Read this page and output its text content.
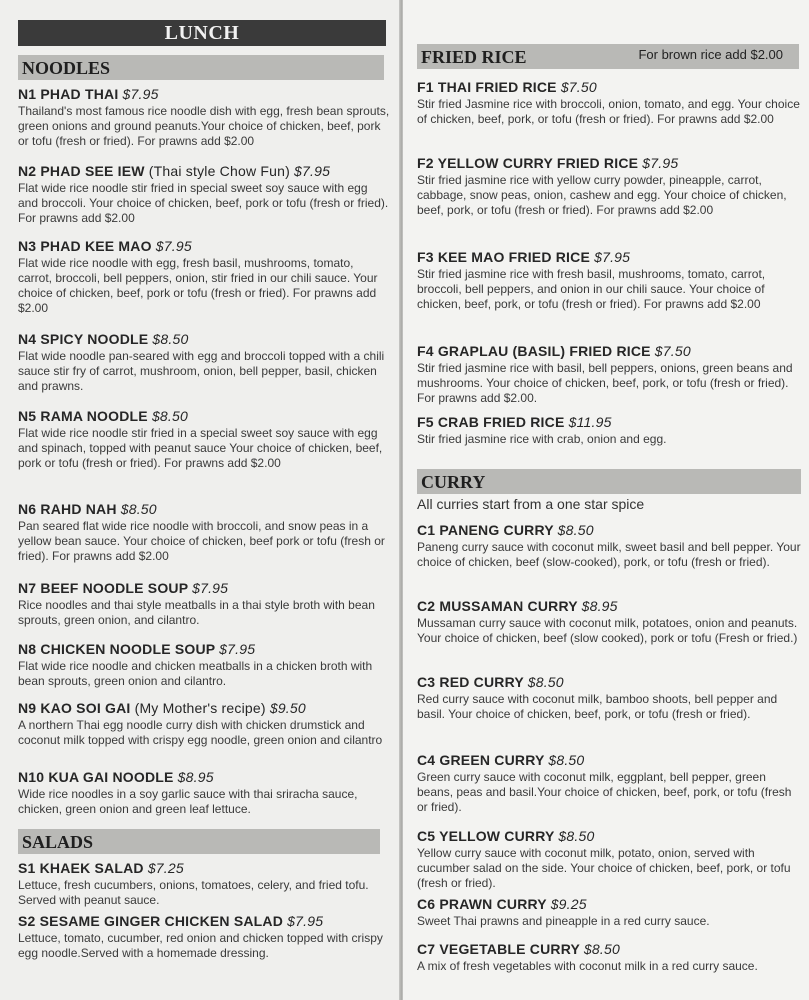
LUNCH
NOODLES
N1 PHAD THAI $7.95
Thailand's most famous rice noodle dish with egg, fresh bean sprouts, green onions and ground peanuts.Your choice of chicken, beef, pork or tofu (fresh or fried). For prawns add $2.00
N2 PHAD SEE IEW (Thai style Chow Fun) $7.95
Flat wide rice noodle stir fried in special sweet soy sauce with egg and broccoli. Your choice of chicken, beef, pork or tofu (fresh or fried). For prawns add $2.00
N3 PHAD KEE MAO $7.95
Flat wide rice noodle with egg, fresh basil, mushrooms, tomato, carrot, broccoli, bell peppers, onion, stir fried in our chili sauce. Your choice of chicken, beef, pork or tofu (fresh or fried). For prawns add $2.00
N4 SPICY NOODLE $8.50
Flat wide noodle pan-seared with egg and broccoli topped with a chili sauce stir fry of carrot, mushroom, onion, bell pepper, basil, chicken and prawns.
N5 RAMA NOODLE $8.50
Flat wide rice noodle stir fried in a special sweet soy sauce with egg and spinach, topped with peanut sauce Your choice of chicken, beef, pork or tofu (fresh or fried). For prawns add $2.00
N6 RAHD NAH $8.50
Pan seared flat wide rice noodle with broccoli, and snow peas in a yellow bean sauce. Your choice of chicken, beef pork or tofu (fresh or fried). For prawns add $2.00
N7 BEEF NOODLE SOUP $7.95
Rice noodles and thai style meatballs in a thai style broth with bean sprouts, green onion, and cilantro.
N8 CHICKEN NOODLE SOUP $7.95
Flat wide rice noodle and chicken meatballs in a chicken broth with bean sprouts, green onion and cilantro.
N9 KAO SOI GAI (My Mother's recipe) $9.50
A northern Thai egg noodle curry dish with chicken drumstick and coconut milk topped with crispy egg noodle, green onion and cilantro
N10 KUA GAI NOODLE $8.95
Wide rice noodles in a soy garlic sauce with thai sriracha sauce, chicken, green onion and green leaf lettuce.
SALADS
S1 KHAEK SALAD $7.25
Lettuce, fresh cucumbers, onions, tomatoes, celery, and fried tofu. Served with peanut sauce.
S2 SESAME GINGER CHICKEN SALAD $7.95
Lettuce, tomato, cucumber, red onion and chicken topped with crispy egg noodle.Served with a homemade dressing.
FRIED RICE	For brown rice add $2.00
F1 THAI FRIED RICE $7.50
Stir fried Jasmine rice with broccoli, onion, tomato, and egg. Your choice of chicken, beef, pork, or tofu (fresh or fried). For prawns add $2.00
F2 YELLOW CURRY FRIED RICE $7.95
Stir fried jasmine rice with yellow curry powder, pineapple, carrot, cabbage, snow peas, onion, cashew and egg. Your choice of chicken, beef, pork, or tofu (fresh or fried). For prawns add $2.00
F3 KEE MAO FRIED RICE $7.95
Stir fried jasmine rice with fresh basil, mushrooms, tomato, carrot, broccoli, bell peppers, and onion in our chili sauce. Your choice of chicken, beef, pork, or tofu (fresh or fried). For prawns add $2.00
F4 GRAPLAU (BASIL) FRIED RICE $7.50
Stir fried jasmine rice with basil, bell peppers, onions, green beans and mushrooms. Your choice of chicken, beef, pork, or tofu (fresh or fried). For prawns add $2.00.
F5 CRAB FRIED RICE $11.95
Stir fried jasmine rice with crab, onion and egg.
CURRY
All curries start from a one star spice
C1 PANENG CURRY $8.50
Paneng curry sauce with coconut milk, sweet basil and bell pepper. Your choice of chicken, beef (slow-cooked), pork, or tofu (fresh or fried).
C2 MUSSAMAN CURRY $8.95
Mussaman curry sauce with coconut milk, potatoes, onion and peanuts. Your choice of chicken, beef (slow cooked), pork or tofu (Fresh or fried.)
C3 RED CURRY $8.50
Red curry sauce with coconut milk, bamboo shoots, bell pepper and basil. Your choice of chicken, beef, pork, or tofu (fresh or fried).
C4 GREEN CURRY $8.50
Green curry sauce with coconut milk, eggplant, bell pepper, green beans, peas and basil.Your choice of chicken, beef, pork, or tofu (fresh or fried).
C5 YELLOW CURRY $8.50
Yellow curry sauce with coconut milk, potato, onion, served with cucumber salad on the side. Your choice of chicken, beef, pork, or tofu (fresh or fried).
C6 PRAWN CURRY $9.25
Sweet Thai prawns and pineapple in a red curry sauce.
C7 VEGETABLE CURRY $8.50
A mix of fresh vegetables with coconut milk in a red curry sauce.
